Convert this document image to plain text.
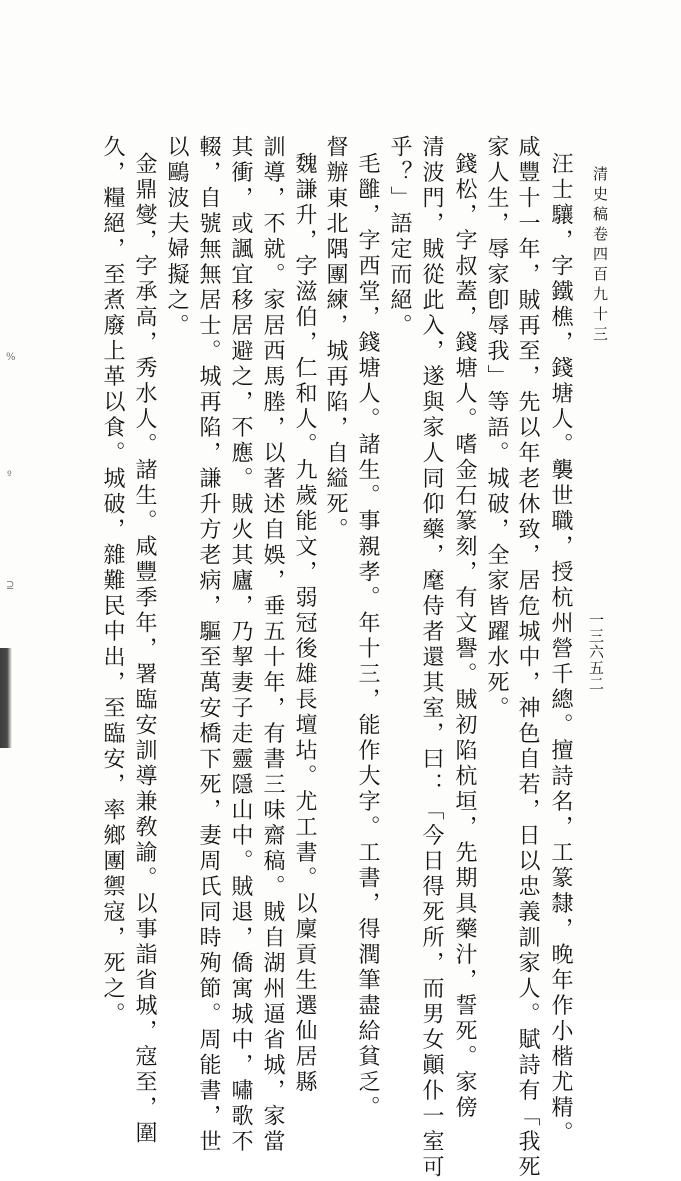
清史稿卷四百九十三
一三六五二
汪士驤，字鐵樵，錢塘人。襲世職，授杭州營千總。擅詩名，工篆隸，晚年作小楷尤精。
咸豐十一年，賊再至，先以年老休致，居危城中，神色自若，日以忠義訓家人。賦詩有「我死
家人生，辱家卽辱我」等語。城破，全家皆躍水死。
錢松，字叔蓋，錢塘人。嗜金石篆刻，有文譽。賊初陷杭垣，先期具藥汁，誓死。家傍
清波門，賊從此入，遂與家人同仰藥，麾侍者還其室，曰：「今日得死所，而男女顚仆一室可
乎？」語定而絕。
毛雝，字西堂，錢塘人。諸生。事親孝。年十三，能作大字。工書，得潤筆盡給貧乏。
督辦東北隅團練，城再陷，自縊死。
魏謙升，字滋伯，仁和人。九歲能文，弱冠後雄長壇坫。尤工書。以廩貢生選仙居縣
訓導，不就。家居西馬塍，以著述自娛，垂五十年，有書三味齋稿。賊自湖州逼省城，家當
其衝，或諷宜移居避之，不應。賊火其廬，乃挈妻子走靈隱山中。賊退，僑寓城中，嘯歌不
輟，自號無無居士。城再陷，謙升方老病，驅至萬安橋下死，妻周氏同時殉節。周能書，世
以鷗波夫婦擬之。
金鼎燮，字承高，秀水人。諸生。咸豐季年，署臨安訓導兼敎諭。以事詣省城，寇至，圍
久，糧絕，至煮廢上革以食。城破，雜難民中出，至臨安，率鄉團禦寇，死之。
%
º
⊇
